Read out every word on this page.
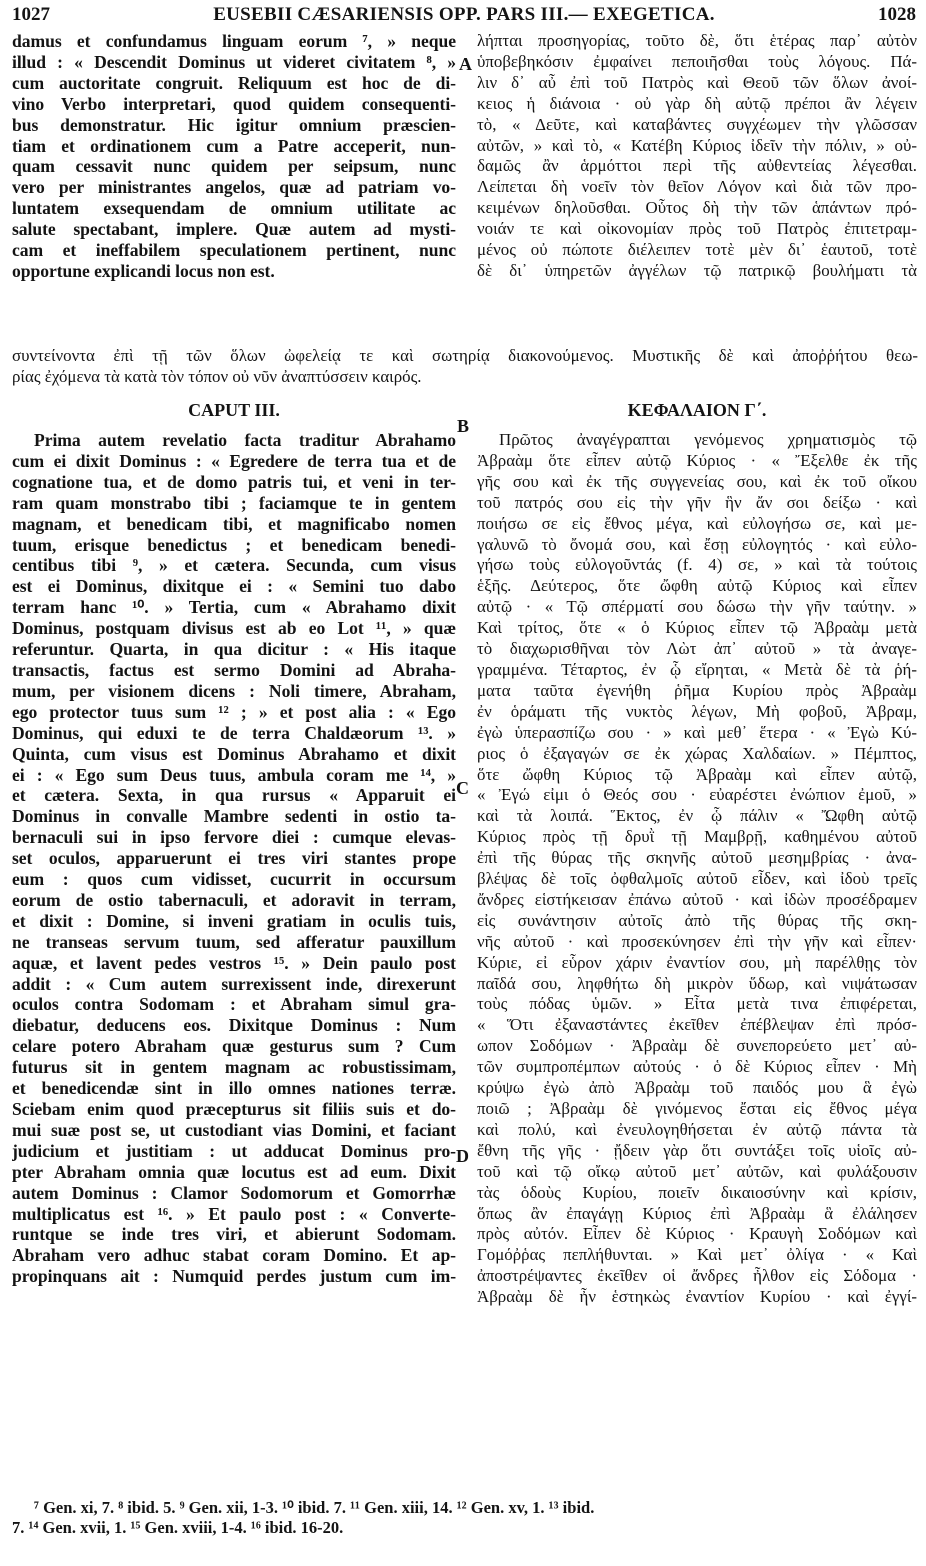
1027	EUSEBII CÆSARIENSIS OPP. PARS III.— EXEGETICA.	1028

damus et confundamus linguam eorum ⁷, » neque

illud : « Descendit Dominus ut videret civitatem ⁸, »

cum auctoritate congruit. Reliquum est hoc de di-

vino Verbo interpretari, quod quidem consequenti-

bus demonstratur. Hic igitur omnium præscien-

tiam et ordinationem cum a Patre acceperit, nun-

quam cessavit nunc quidem per seipsum, nunc

vero per ministrantes angelos, quæ ad patriam vo-

luntatem exsequendam de omnium utilitate ac

salute spectabant, implere. Quæ autem ad mysti-

cam et ineffabilem speculationem pertinent, nunc

opportune explicandi locus non est.

A

λήπται προσηγορίας, τοῦτο δὲ, ὅτι ἑτέρας παρ᾽ αὐτὸν

ὑποβεβηκόσιν ἐμφαίνει πεποιῆσθαι τοὺς λόγους. Πά-

λιν δ᾽ αὖ ἐπὶ τοῦ Πατρὸς καὶ Θεοῦ τῶν ὅλων ἀνοί-

κειος ἡ διάνοια · οὐ γὰρ δὴ αὐτῷ πρέποι ἂν λέγειν

τὸ, « Δεῦτε, καὶ καταβάντες συγχέωμεν τὴν γλῶσσαν

αὐτῶν, » καὶ τὸ, « Κατέβη Κύριος ἰδεῖν τὴν πόλιν, » οὐ-

δαμῶς ἂν ἁρμόττοι περὶ τῆς αὐθεντείας λέγεσθαι.

Λείπεται δὴ νοεῖν τὸν θεῖον Λόγον καὶ διὰ τῶν προ-

κειμένων δηλοῦσθαι. Οὗτος δὴ τὴν τῶν ἁπάντων πρό-

νοιάν τε καὶ οἰκονομίαν πρὸς τοῦ Πατρὸς ἐπιτετραμ-

μένος οὐ πώποτε διέλειπεν τοτὲ μὲν δι᾽ ἑαυτοῦ, τοτὲ

δὲ δι᾽ ὑπηρετῶν ἀγγέλων τῷ πατρικῷ βουλήματι τὰ

συντείνοντα ἐπὶ τῇ τῶν ὅλων ὠφελείᾳ τε καὶ σωτηρίᾳ διακονούμενος. Μυστικῆς δὲ καὶ ἀποῤῥήτου θεω-

ρίας ἐχόμενα τὰ κατὰ τὸν τόπον οὐ νῦν ἀναπτύσσειν καιρός.

CAPUT III.
B
ΚΕΦΑΛΑΙΟΝ Γ΄.

Prima autem revelatio facta traditur Abrahamo

cum ei dixit Dominus : « Egredere de terra tua et de

cognatione tua, et de domo patris tui, et veni in ter-

ram quam monstrabo tibi ; faciamque te in gentem

magnam, et benedicam tibi, et magnificabo nomen

tuum, erisque benedictus ; et benedicam benedi-

centibus tibi ⁹, » et cætera. Secunda, cum visus

est ei Dominus, dixitque ei : « Semini tuo dabo

terram hanc ¹⁰. » Tertia, cum « Abrahamo dixit

Dominus, postquam divisus est ab eo Lot ¹¹, » quæ

referuntur. Quarta, in qua dicitur : « His itaque

transactis, factus est sermo Domini ad Abraha-

mum, per visionem dicens : Noli timere, Abraham,

ego protector tuus sum ¹² ; » et post alia : « Ego

Dominus, qui eduxi te de terra Chaldæorum ¹³. »

Quinta, cum visus est Dominus Abrahamo et dixit

ei : « Ego sum Deus tuus, ambula coram me ¹⁴, »

et cætera. Sexta, in qua rursus « Apparuit ei

Dominus in convalle Mambre sedenti in ostio ta-

bernaculi sui in ipso fervore diei : cumque elevas-

set oculos, apparuerunt ei tres viri stantes prope

eum : quos cum vidisset, cucurrit in occursum

eorum de ostio tabernaculi, et adoravit in terram,

et dixit : Domine, si inveni gratiam in oculis tuis,

ne transeas servum tuum, sed afferatur pauxillum

aquæ, et lavent pedes vestros ¹⁵. » Dein paulo post

addit : « Cum autem surrexissent inde, direxerunt

oculos contra Sodomam : et Abraham simul gra-

diebatur, deducens eos. Dixitque Dominus : Num

celare potero Abraham quæ gesturus sum ? Cum

futurus sit in gentem magnam ac robustissimam,

et benedicendæ sint in illo omnes nationes terræ.

Sciebam enim quod præcepturus sit filiis suis et do-

mui suæ post se, ut custodiant vias Domini, et faciant

judicium et justitiam : ut adducat Dominus pro-

pter Abraham omnia quæ locutus est ad eum. Dixit

autem Dominus : Clamor Sodomorum et Gomorrhæ

multiplicatus est ¹⁶. » Et paulo post : « Converte-

runtque se inde tres viri, et abierunt Sodomam.

Abraham vero adhuc stabat coram Domino. Et ap-

propinquans ait : Numquid perdes justum cum im-

C
D

Πρῶτος ἀναγέγραπται γενόμενος χρηματισμὸς τῷ

Ἀβραὰμ ὅτε εἶπεν αὐτῷ Κύριος · « Ἔξελθε ἐκ τῆς

γῆς σου καὶ ἐκ τῆς συγγενείας σου, καὶ ἐκ τοῦ οἴκου

τοῦ πατρός σου εἰς τὴν γῆν ἣν ἄν σοι δείξω · καὶ

ποιήσω σε εἰς ἔθνος μέγα, καὶ εὐλογήσω σε, καὶ με-

γαλυνῶ τὸ ὄνομά σου, καὶ ἔσῃ εὐλογητός · καὶ εὐλο-

γήσω τοὺς εὐλογοῦντάς (f. 4) σε, » καὶ τὰ τούτοις

ἑξῆς. Δεύτερος, ὅτε ὤφθη αὐτῷ Κύριος καὶ εἶπεν

αὐτῷ · « Τῷ σπέρματί σου δώσω τὴν γῆν ταύτην. »

Καὶ τρίτος, ὅτε « ὁ Κύριος εἶπεν τῷ Ἀβραὰμ μετὰ

τὸ διαχωρισθῆναι τὸν Λὼτ ἀπ᾽ αὐτοῦ » τὰ ἀναγε-

γραμμένα. Τέταρτος, ἐν ᾧ εἴρηται, « Μετὰ δὲ τὰ ῥή-

ματα ταῦτα ἐγενήθη ῥῆμα Κυρίου πρὸς Ἀβραὰμ

ἐν ὁράματι τῆς νυκτὸς λέγων, Μὴ φοβοῦ, Ἀβραμ,

ἐγὼ ὑπερασπίζω σου · » καὶ μεθ᾽ ἕτερα · « Ἐγὼ Κύ-

ριος ὁ ἐξαγαγών σε ἐκ χώρας Χαλδαίων. » Πέμπτος,

ὅτε ὤφθη Κύριος τῷ Ἀβραὰμ καὶ εἶπεν αὐτῷ,

« Ἐγώ εἰμι ὁ Θεός σου · εὐαρέστει ἐνώπιον ἐμοῦ, »

καὶ τὰ λοιπά. Ἕκτος, ἐν ᾧ πάλιν « Ὤφθη αὐτῷ

Κύριος πρὸς τῇ δρυῒ τῇ Μαμβρῇ, καθημένου αὐτοῦ

ἐπὶ τῆς θύρας τῆς σκηνῆς αὐτοῦ μεσημβρίας · ἀνα-

βλέψας δὲ τοῖς ὀφθαλμοῖς αὐτοῦ εἶδεν, καὶ ἰδοὺ τρεῖς

ἄνδρες εἱστήκεισαν ἐπάνω αὐτοῦ · καὶ ἰδὼν προσέδραμεν

εἰς συνάντησιν αὐτοῖς ἀπὸ τῆς θύρας τῆς σκη-

νῆς αὐτοῦ · καὶ προσεκύνησεν ἐπὶ τὴν γῆν καὶ εἶπεν·

Κύριε, εἰ εὗρον χάριν ἐναντίον σου, μὴ παρέλθῃς τὸν

παῖδά σου, ληφθήτω δὴ μικρὸν ὕδωρ, καὶ νιψάτωσαν

τοὺς πόδας ὑμῶν. » Εἶτα μετὰ τινα ἐπιφέρεται,

« Ὅτι ἐξαναστάντες ἐκεῖθεν ἐπέβλεψαν ἐπὶ πρόσ-

ωπον Σοδόμων · Ἀβραὰμ δὲ συνεπορεύετο μετ᾽ αὐ-

τῶν συμπροπέμπων αὐτούς · ὁ δὲ Κύριος εἶπεν · Μὴ

κρύψω ἐγὼ ἀπὸ Ἀβραὰμ τοῦ παιδός μου ἃ ἐγὼ

ποιῶ ; Ἀβραὰμ δὲ γινόμενος ἔσται εἰς ἔθνος μέγα

καὶ πολύ, καὶ ἐνευλογηθήσεται ἐν αὐτῷ πάντα τὰ

ἔθνη τῆς γῆς · ᾔδειν γὰρ ὅτι συντάξει τοῖς υἱοῖς αὐ-

τοῦ καὶ τῷ οἴκῳ αὐτοῦ μετ᾽ αὐτῶν, καὶ φυλάξουσιν

τὰς ὁδοὺς Κυρίου, ποιεῖν δικαιοσύνην καὶ κρίσιν,

ὅπως ἂν ἐπαγάγῃ Κύριος ἐπὶ Ἀβραὰμ ἃ ἐλάλησεν

πρὸς αὐτόν. Εἶπεν δὲ Κύριος · Κραυγὴ Σοδόμων καὶ

Γομόῤῥας πεπλήθυνται. » Καὶ μετ᾽ ὀλίγα · « Καὶ

ἀποστρέψαντες ἐκεῖθεν οἱ ἄνδρες ἦλθον εἰς Σόδομα ·

Ἀβραὰμ δὲ ἦν ἑστηκὼς ἐναντίον Κυρίου · καὶ ἐγγί-

⁷ Gen. xi, 7. ⁸ ibid. 5. ⁹ Gen. xii, 1-3. ¹⁰ ibid. 7. ¹¹ Gen. xiii, 14. ¹² Gen. xv, 1. ¹³ ibid.

7. ¹⁴ Gen. xvii, 1. ¹⁵ Gen. xviii, 1-4. ¹⁶ ibid. 16-20.
